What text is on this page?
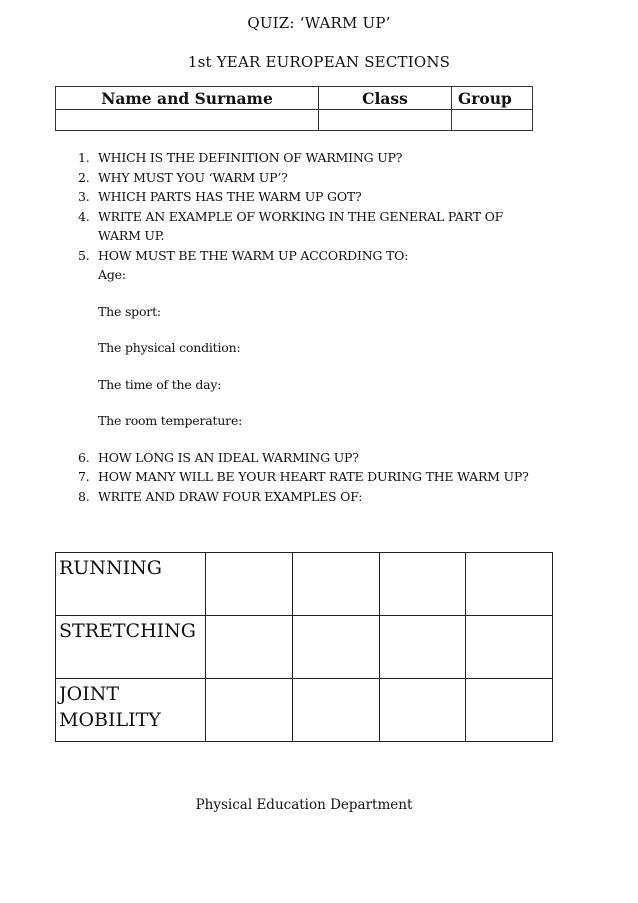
QUIZ: ‘WARM UP’
1st YEAR EUROPEAN SECTIONS
Name and Surname	Class	Group

1. WHICH IS THE DEFINITION OF WARMING UP?
2. WHY MUST YOU ‘WARM UP’?
3. WHICH PARTS HAS THE WARM UP GOT?
4. WRITE AN EXAMPLE OF WORKING IN THE GENERAL PART OF WARM UP.
5. HOW MUST BE THE WARM UP ACCORDING TO:
Age:
The sport:
The physical condition:
The time of the day:
The room temperature:
6. HOW LONG IS AN IDEAL WARMING UP?
7. HOW MANY WILL BE YOUR HEART RATE DURING THE WARM UP?
8. WRITE AND DRAW FOUR EXAMPLES OF:
RUNNING				
STRETCHING				
JOINT MOBILITY				
Physical Education Department
